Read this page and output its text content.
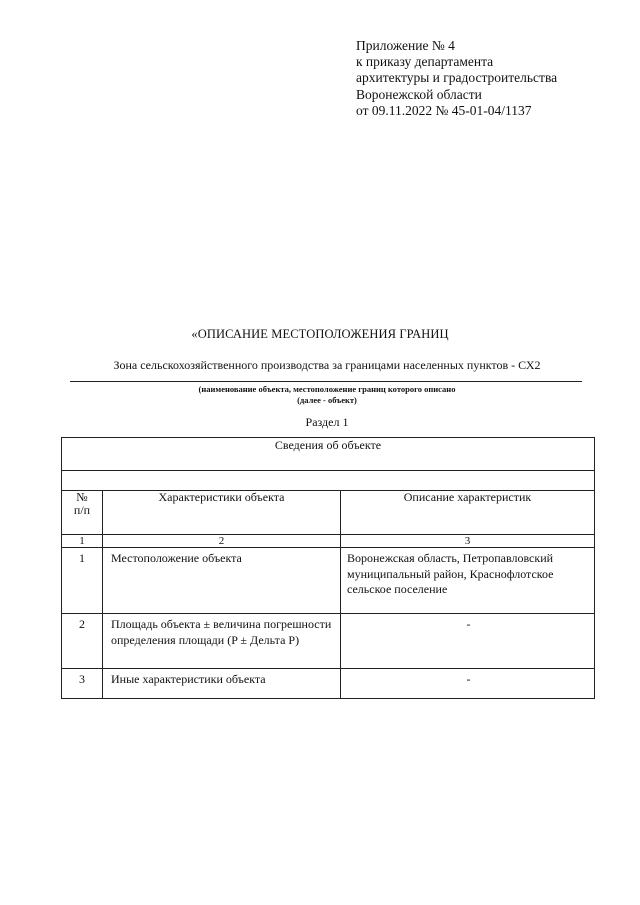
Приложение № 4
к приказу департамента
архитектуры и градостроительства
Воронежской области
от 09.11.2022 № 45-01-04/1137
«ОПИСАНИЕ МЕСТОПОЛОЖЕНИЯ ГРАНИЦ
Зона сельскохозяйственного производства за границами населенных пунктов - СХ2
(наименование объекта, местоположение границ которого описано
(далее - объект)
Раздел 1
Сведения об объекте		

№
п/п	Характеристики объекта	Описание характеристик
1	2	3
1	Местоположение объекта	Воронежская область, Петропавловский муниципальный район, Краснофлотское сельское поселение
2	Площадь объекта ± величина погрешности определения площади (P ± Дельта P)	-
3	Иные характеристики объекта	-
